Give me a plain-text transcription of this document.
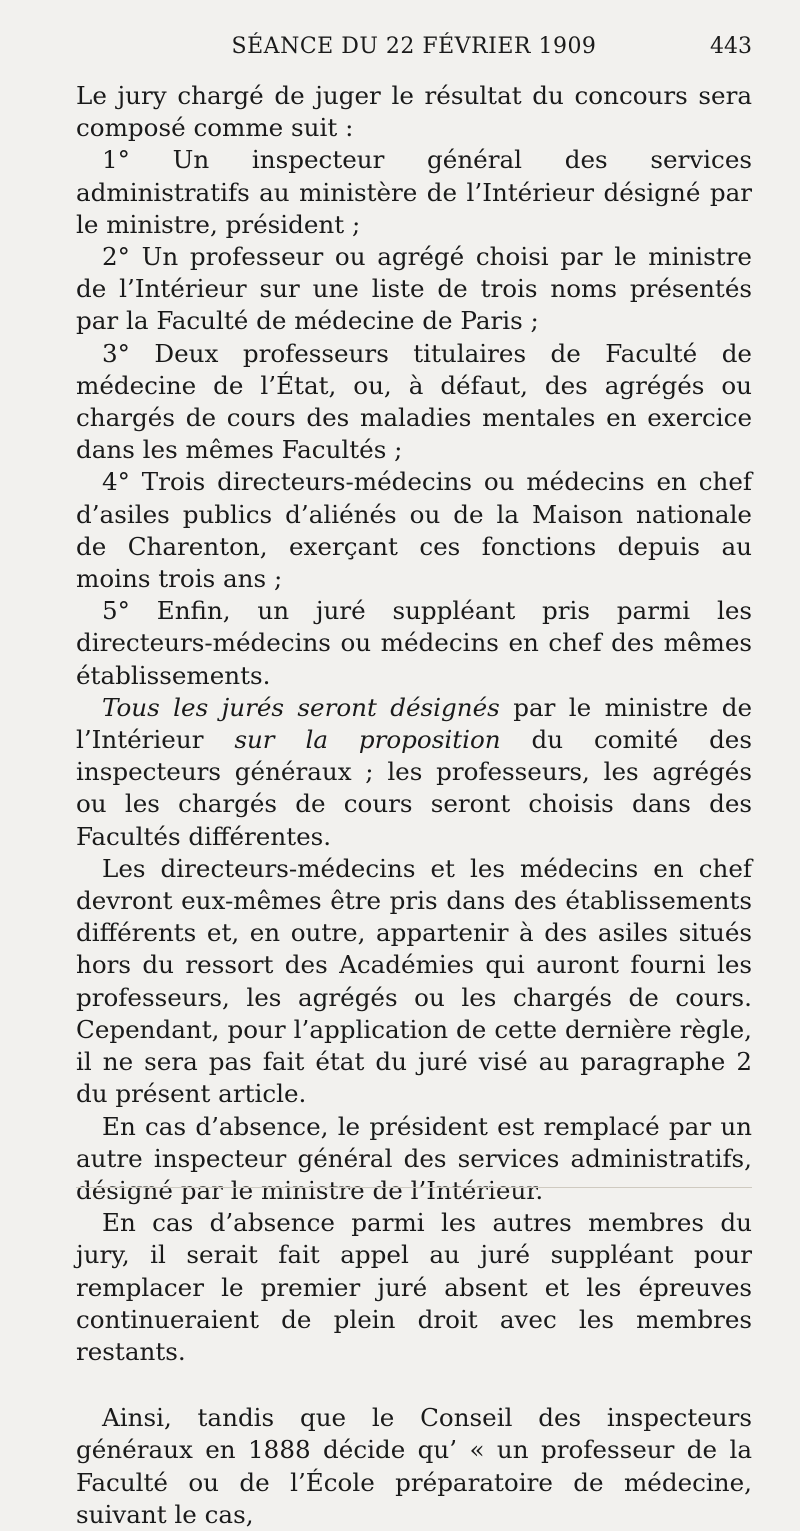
SÉANCE DU 22 FÉVRIER 1909	443

Le jury chargé de juger le résultat du concours sera composé comme suit :

1° Un inspecteur général des services administratifs au ministère de l’Intérieur désigné par le ministre, président ;

2° Un professeur ou agrégé choisi par le ministre de l’Intérieur sur une liste de trois noms présentés par la Faculté de médecine de Paris ;

3° Deux professeurs titulaires de Faculté de médecine de l’État, ou, à défaut, des agrégés ou chargés de cours des maladies mentales en exercice dans les mêmes Facultés ;

4° Trois directeurs-médecins ou médecins en chef d’asiles publics d’aliénés ou de la Maison nationale de Charenton, exerçant ces fonctions depuis au moins trois ans ;

5° Enfin, un juré suppléant pris parmi les directeurs-médecins ou médecins en chef des mêmes établissements.

Tous les jurés seront désignés par le ministre de l’Intérieur sur la proposition du comité des inspecteurs généraux ; les professeurs, les agrégés ou les chargés de cours seront choisis dans des Facultés différentes.

Les directeurs-médecins et les médecins en chef devront eux-mêmes être pris dans des établissements différents et, en outre, appartenir à des asiles situés hors du ressort des Académies qui auront fourni les professeurs, les agrégés ou les chargés de cours. Cependant, pour l’application de cette dernière règle, il ne sera pas fait état du juré visé au paragraphe 2 du présent article.

En cas d’absence, le président est remplacé par un autre inspecteur général des services administratifs, désigné par le ministre de l’Intérieur.

En cas d’absence parmi les autres membres du jury, il serait fait appel au juré suppléant pour remplacer le premier juré absent et les épreuves continueraient de plein droit avec les membres restants.

Ainsi, tandis que le Conseil des inspecteurs généraux en 1888 décide qu’ « un professeur de la Faculté ou de l’École préparatoire de médecine, suivant le cas,
